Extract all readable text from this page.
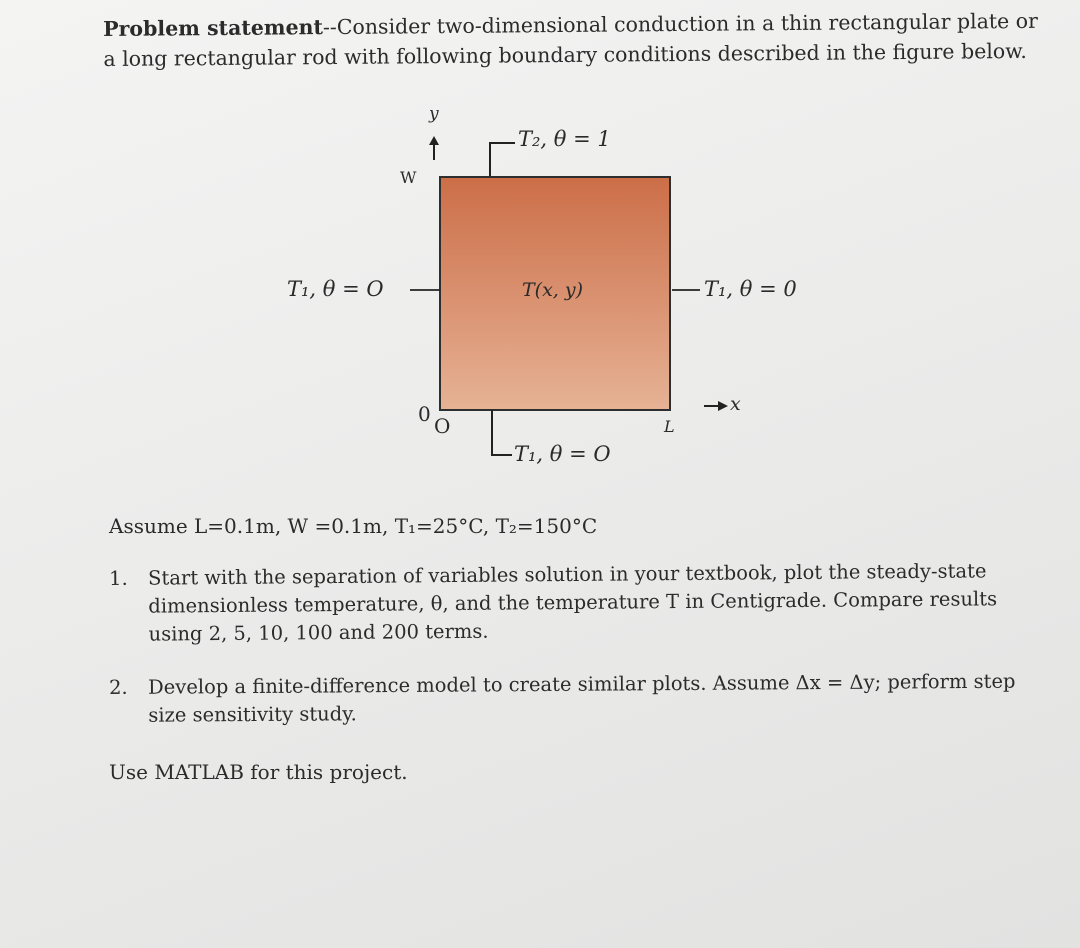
Problem statement--Consider two-dimensional conduction in a thin rectangular plate or a long rectangular rod with following boundary conditions described in the figure below.
y
W
T₂, θ = 1
T₁, θ = O	T(x, y)	T₁, θ = 0
0 O	L
x
T₁, θ = O
Assume L=0.1m, W =0.1m, T₁=25°C, T₂=150°C
1. Start with the separation of variables solution in your textbook, plot the steady-state dimensionless temperature, θ, and the temperature T in Centigrade. Compare results using 2, 5, 10, 100 and 200 terms.
2. Develop a finite-difference model to create similar plots. Assume Δx = Δy; perform step size sensitivity study.
Use MATLAB for this project.
